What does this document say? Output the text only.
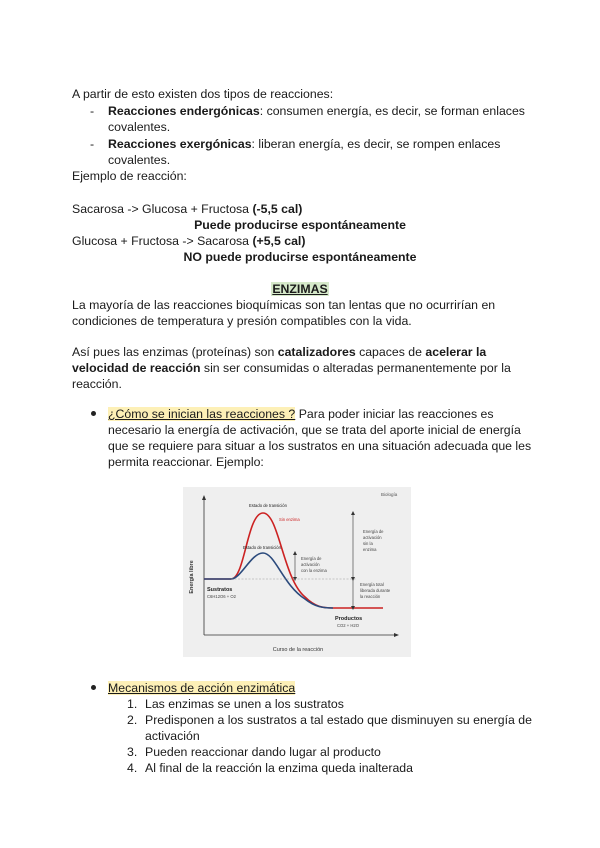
A partir de esto existen dos tipos de reacciones:
-	Reacciones endergónicas: consumen energía, es decir, se forman enlaces
covalentes.
-	Reacciones exergónicas: liberan energía, es decir, se rompen enlaces
covalentes.
Ejemplo de reacción:
Sacarosa -> Glucosa + Fructosa (-5,5 cal)
Puede producirse espontáneamente
Glucosa + Fructosa -> Sacarosa (+5,5 cal)
NO puede producirse espontáneamente
ENZIMAS
La mayoría de las reacciones bioquímicas son tan lentas que no ocurrirían en
condiciones de temperatura y presión compatibles con la vida.
Así pues las enzimas (proteínas) son catalizadores capaces de acelerar la
velocidad de reacción sin ser consumidas o alteradas permanentemente por la
reacción.
¿Cómo se inician las reacciones ? Para poder iniciar las reacciones es
necesario la energía de activación, que se trata del aporte inicial de energía
que se requiere para situar a los sustratos en una situación adecuada que les
permita reaccionar. Ejemplo:
Biología
Energía libre
Curso de la reacción
Estado de transición
Sin enzima
Estado de transición
Energía de
activación
sin la
enzima
Energía de
activación
con la enzima
Energía total
liberada durante
la reacción
Sustratos
C6H12O6 + O2
Productos
CO2 + H2O
Mecanismos de acción enzimática
1. Las enzimas se unen a los sustratos
2. Predisponen a los sustratos a tal estado que disminuyen su energía de
activación
3. Pueden reaccionar dando lugar al producto
4. Al final de la reacción la enzima queda inalterada
